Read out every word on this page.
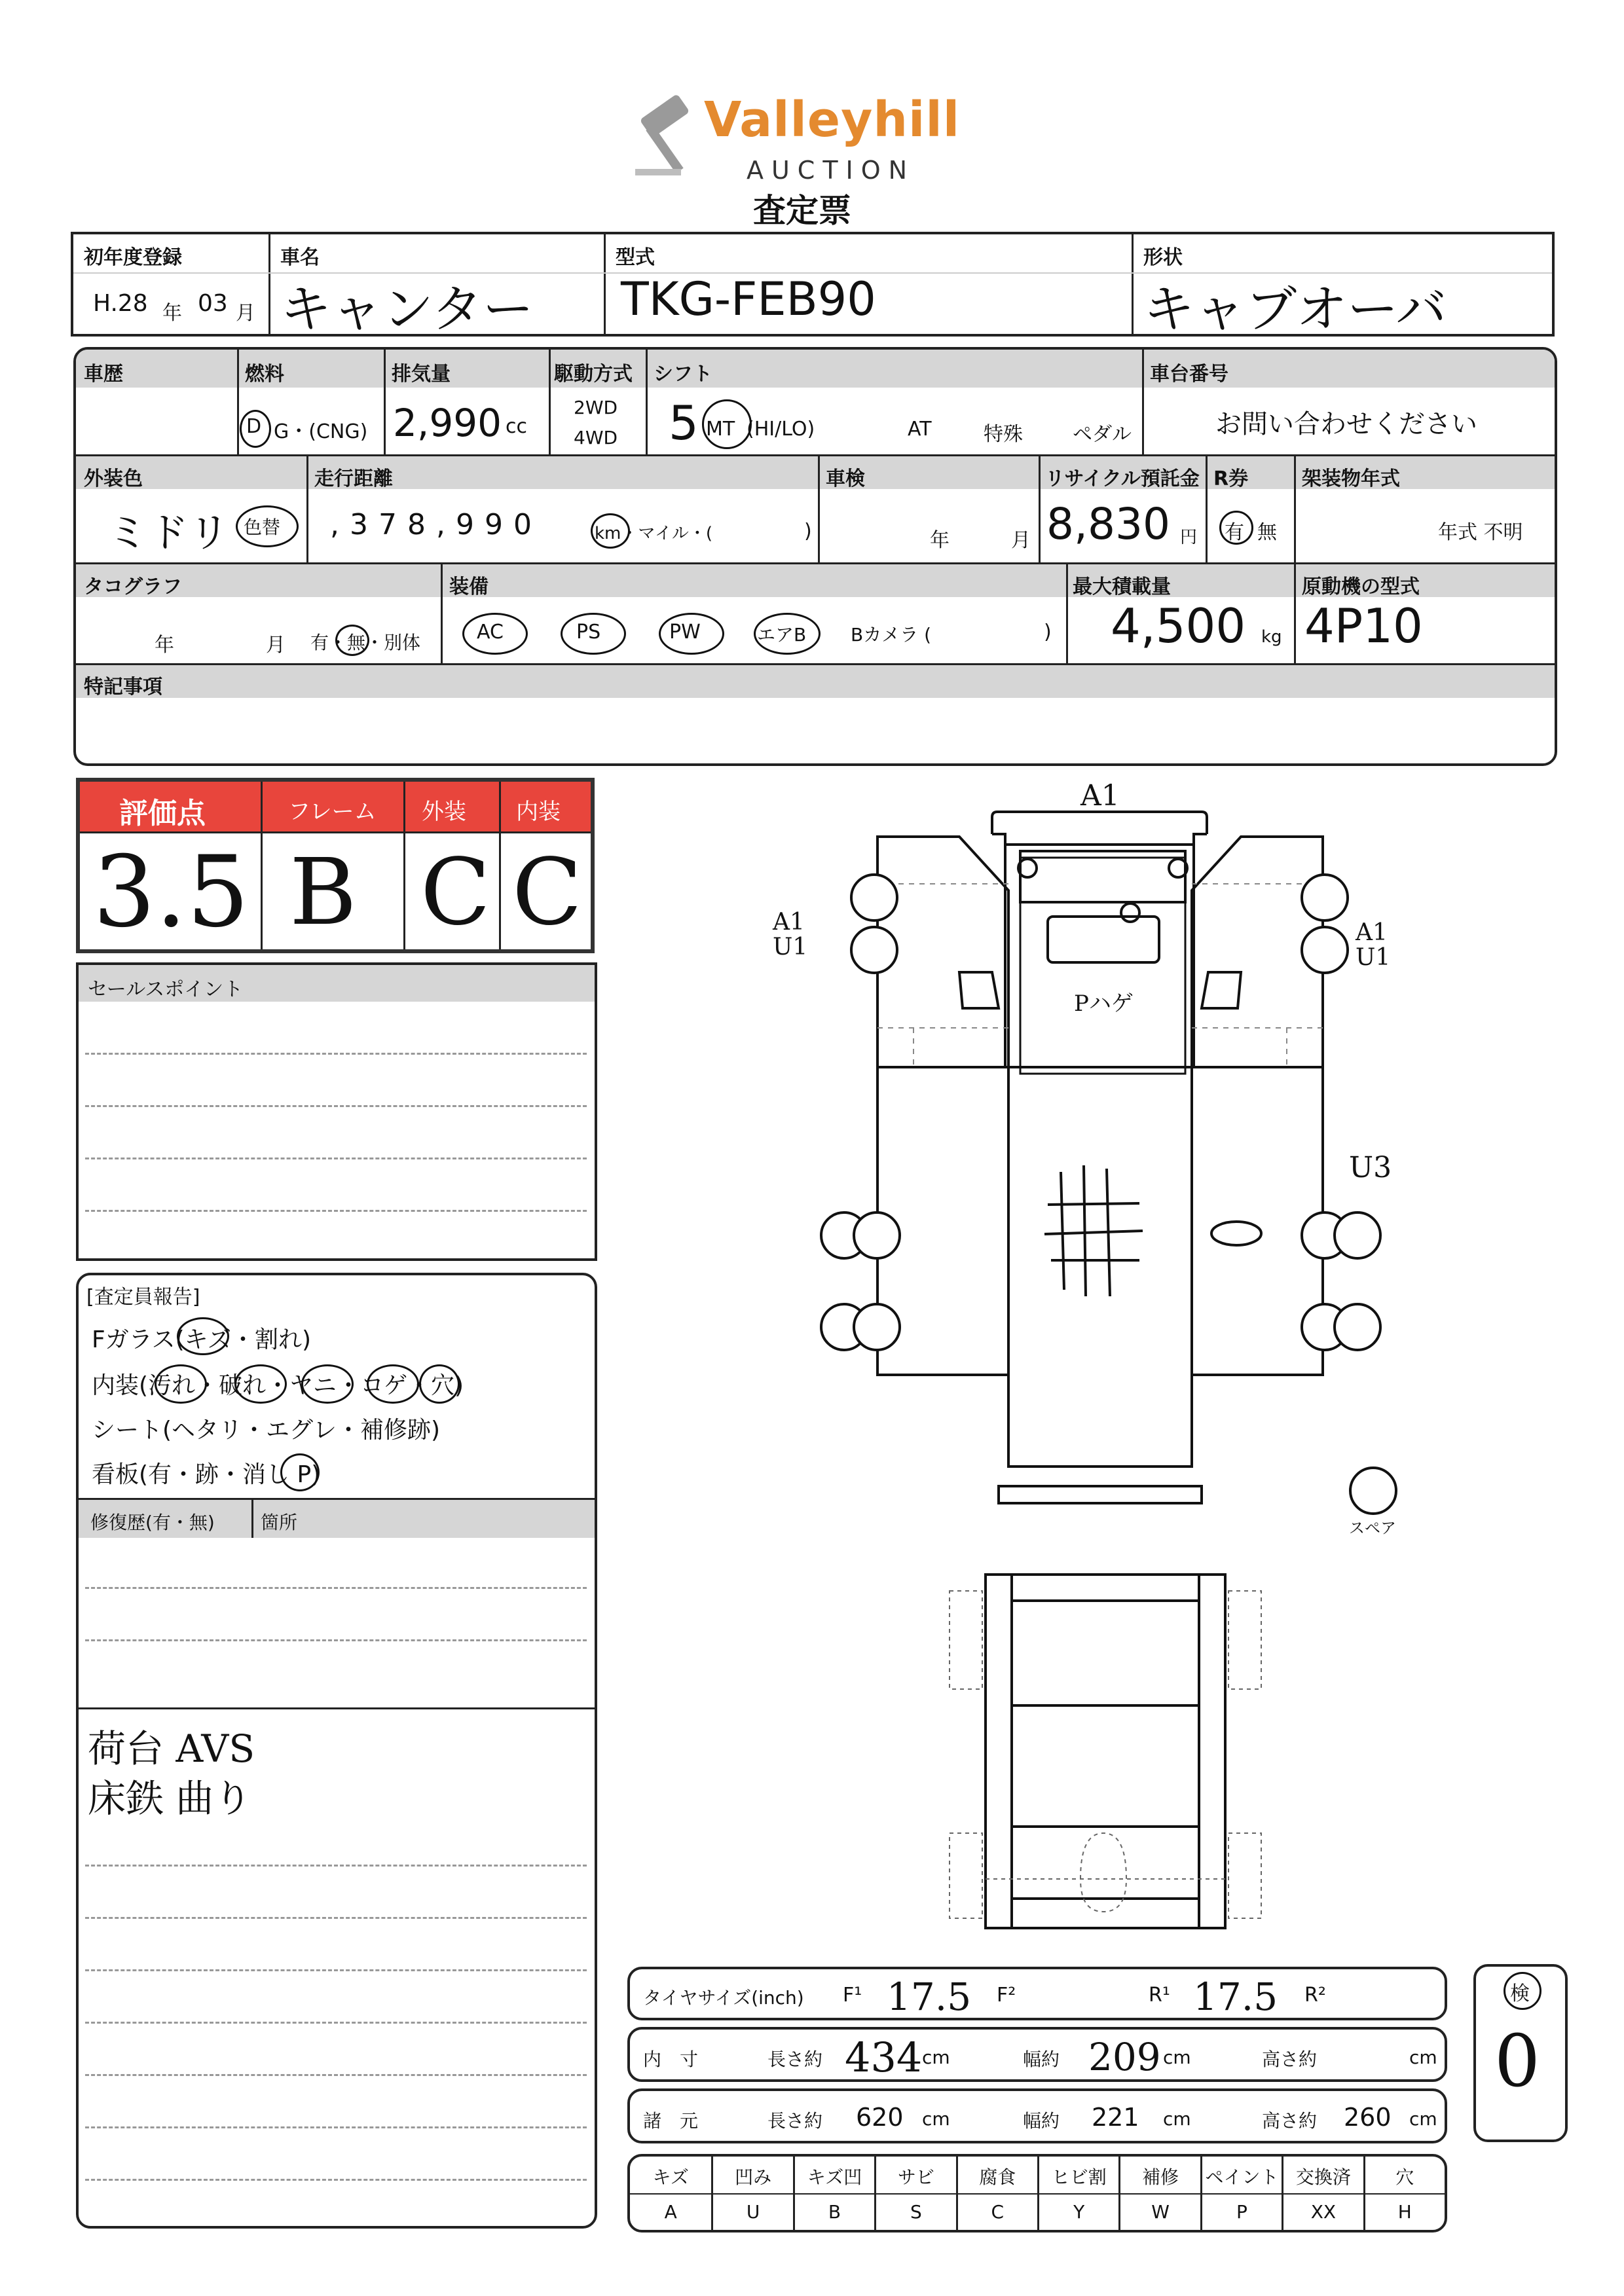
Valleyhill
AUCTION
査定票
初年度登録
H.28 年 03 月
車名
キャンター
型式
TKG-FEB90
形状
キャブオーバ
車歴	燃料
D G・(CNG)
排気量
2,990 cc
駆動方式
2WD
4WD
シフト
5 MT (HI/LO)	AT	特殊	ペダル
車台番号
お問い合わせください
外装色
ミドリ 色替
走行距離
,378,990	km・マイル・(	)
車検
年	月
リサイクル預託金
8,830 円
R券
有 無
架装物年式
年式 不明
タコグラフ
年	月 有・無・別体
装備
AC	PS	PW	エアB Bカメラ (	)
最大積載量
4,500 kg
原動機の型式
4P10
特記事項
評価点	フレーム 外装 内装
3.5 B C C
セールスポイント
[査定員報告]
Fガラス(キズ・割れ)
内装(汚れ・破れ・ヤニ・コゲ・穴)
シート(ヘタリ・エグレ・補修跡)
看板(有・跡・消し P)
修復歴(有・無)	箇所
荷台 AVS
床鉄 曲り
A1
A1
U1
A1
U1
Pハゲ
U3
スペア
タイヤサイズ(inch) F¹ 17.5 F²	R¹ 17.5 R²
内　寸	長さ約 434 cm	幅約 209 cm	高さ約	cm
諸　元	長さ約 620 cm	幅約 221 cm	高さ約 260 cm
キズ
A
凹み
U
キズ凹
B
サビ
S
腐食
C
ヒビ割
Y
補修
W
ペイント
P
交換済
XX
穴
H
検
0
